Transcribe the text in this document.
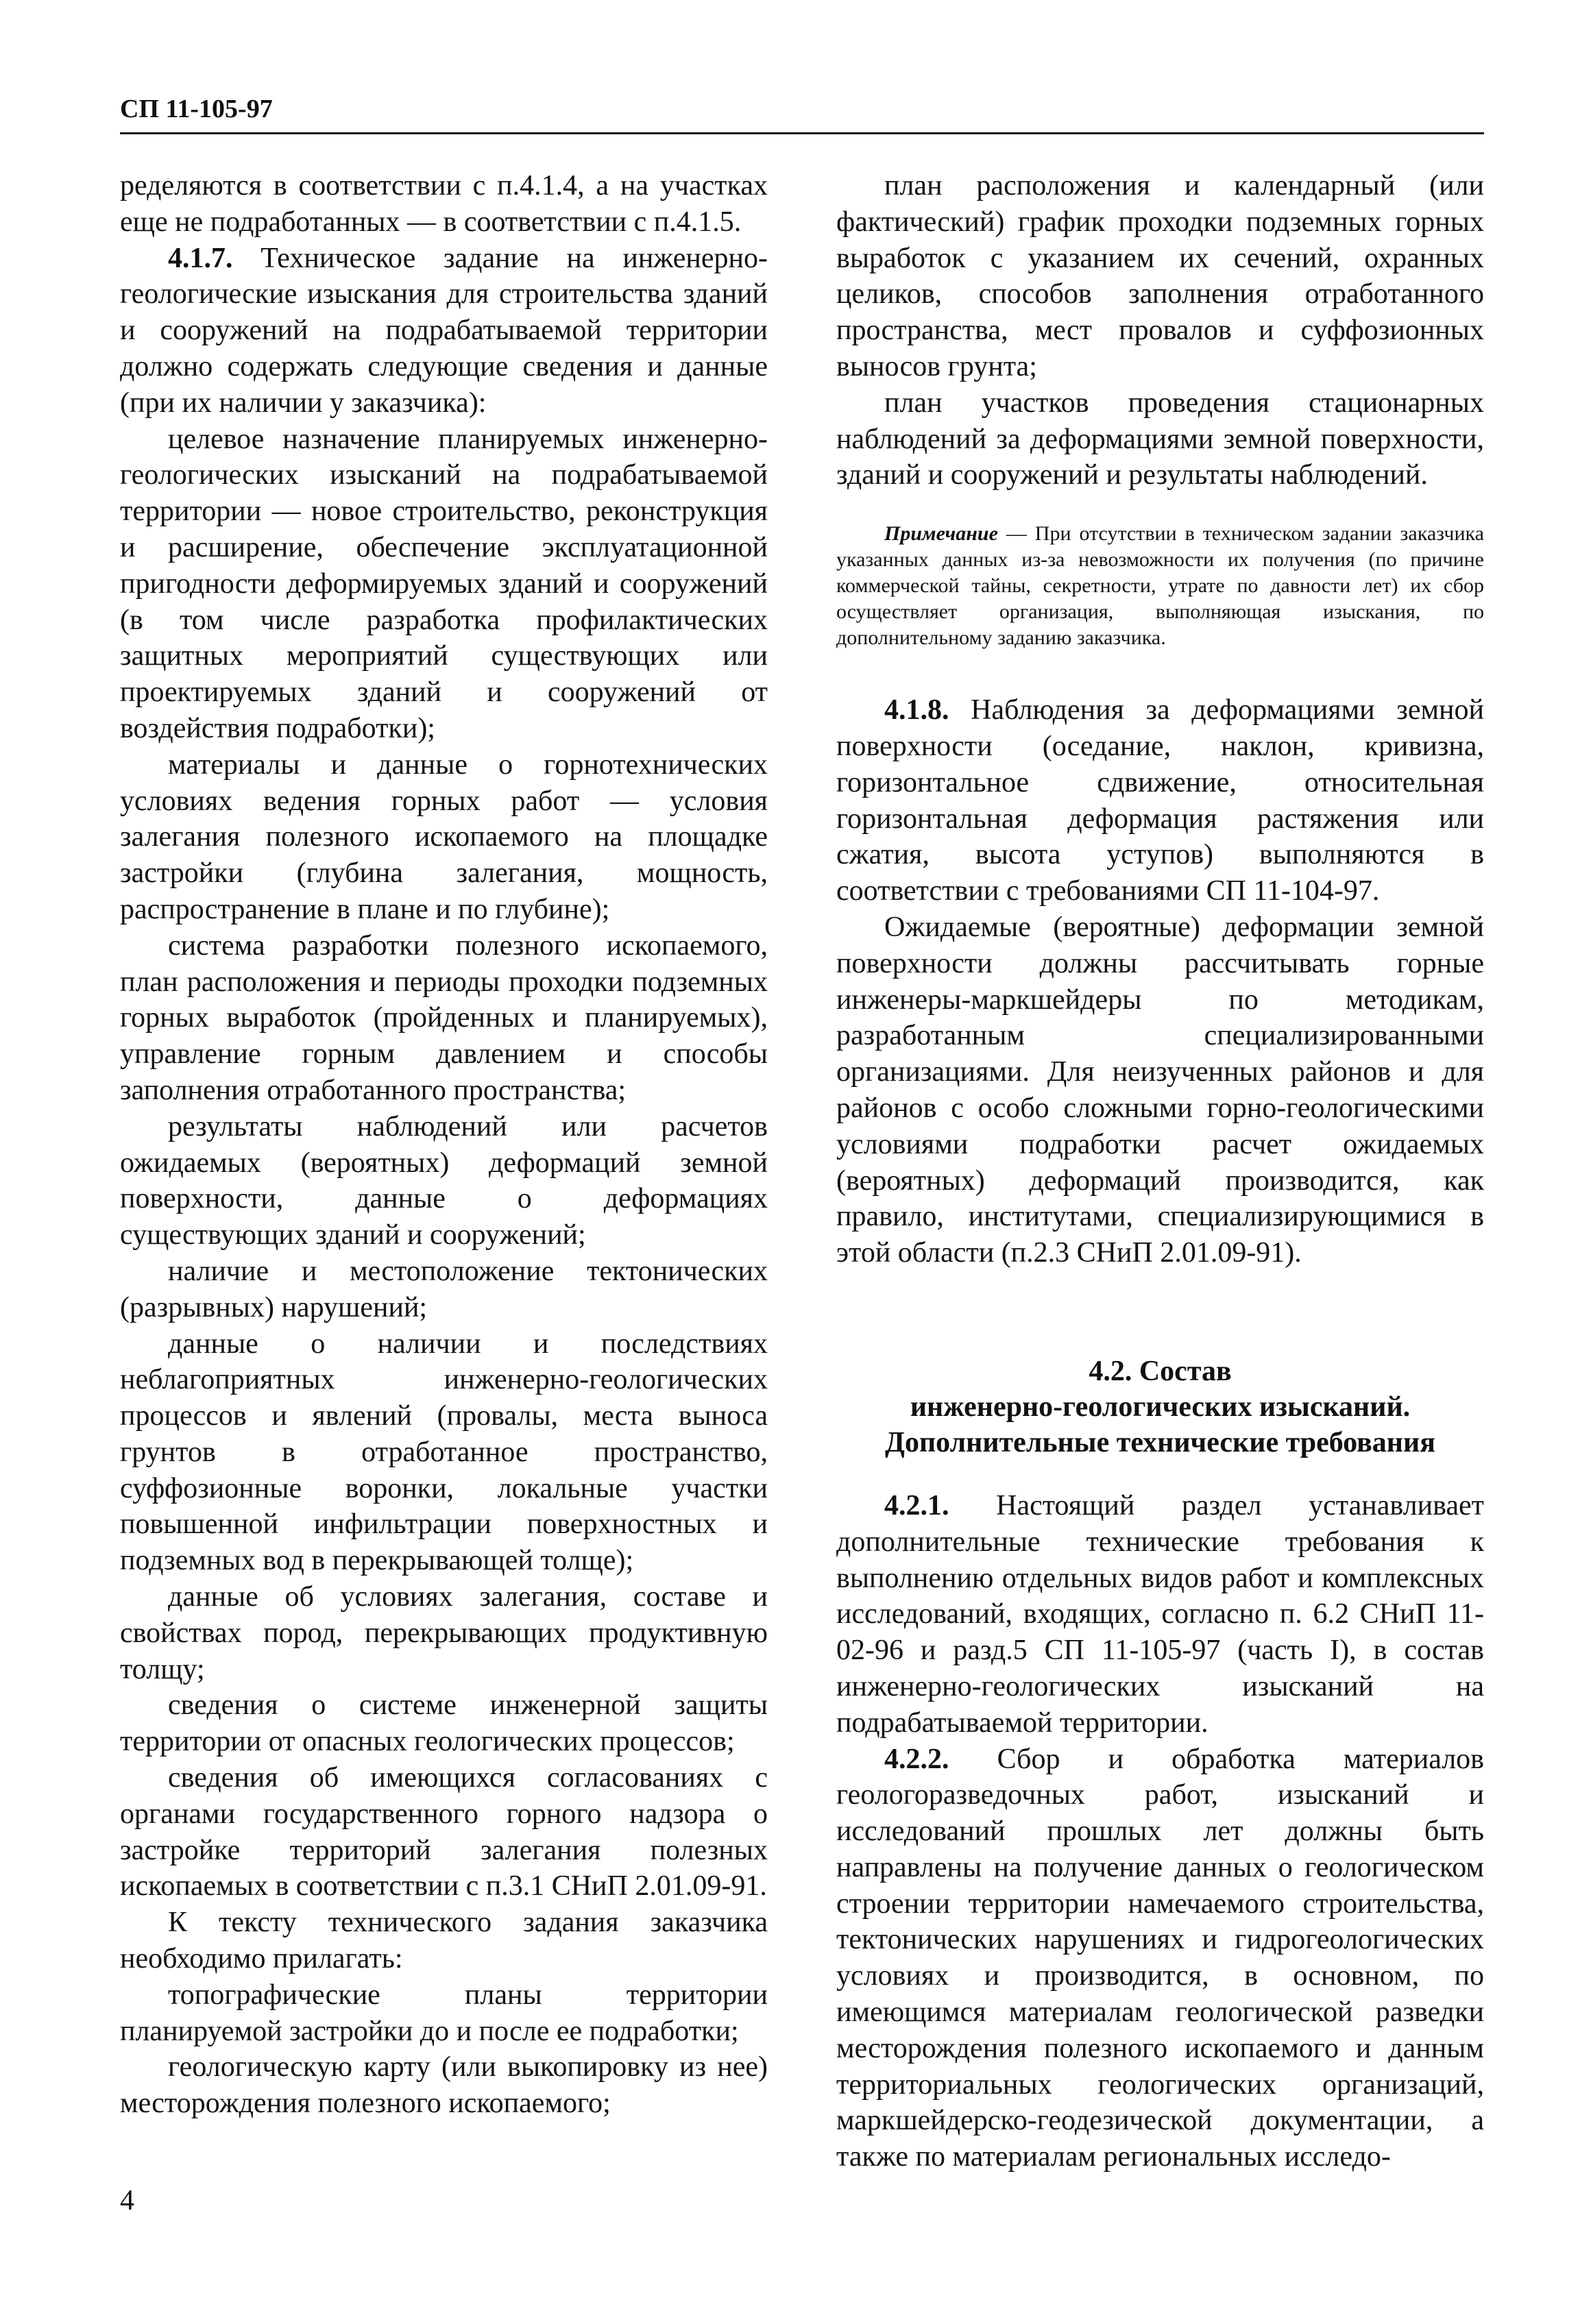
СП 11-105-97

ределяются в соответствии с п.4.1.4, а на участках еще не подработанных — в соответствии с п.4.1.5.

4.1.7. Техническое задание на инженерно-геологические изыскания для строительства зданий и сооружений на подрабатываемой территории должно содержать следующие сведения и данные (при их наличии у заказчика):

целевое назначение планируемых инженерно-геологических изысканий на подрабатываемой территории — новое строительство, реконструкция и расширение, обеспечение эксплуатационной пригодности деформируемых зданий и сооружений (в том числе разработка профилактических защитных мероприятий существующих или проектируемых зданий и сооружений от воздействия подработки);

материалы и данные о горнотехнических условиях ведения горных работ — условия залегания полезного ископаемого на площадке застройки (глубина залегания, мощность, распространение в плане и по глубине);

система разработки полезного ископаемого, план расположения и периоды проходки подземных горных выработок (пройденных и планируемых), управление горным давлением и способы заполнения отработанного пространства;

результаты наблюдений или расчетов ожидаемых (вероятных) деформаций земной поверхности, данные о деформациях существующих зданий и сооружений;

наличие и местоположение тектонических (разрывных) нарушений;

данные о наличии и последствиях неблагоприятных инженерно-геологических процессов и явлений (провалы, места выноса грунтов в отработанное пространство, суффозионные воронки, локальные участки повышенной инфильтрации поверхностных и подземных вод в перекрывающей толще);

данные об условиях залегания, составе и свойствах пород, перекрывающих продуктивную толщу;

сведения о системе инженерной защиты территории от опасных геологических процессов;

сведения об имеющихся согласованиях с органами государственного горного надзора о застройке территорий залегания полезных ископаемых в соответствии с п.3.1 СНиП 2.01.09-91.

К тексту технического задания заказчика необходимо прилагать:

топографические планы территории планируемой застройки до и после ее подработки;

геологическую карту (или выкопировку из нее) месторождения полезного ископаемого;

план расположения и календарный (или фактический) график проходки подземных горных выработок с указанием их сечений, охранных целиков, способов заполнения отработанного пространства, мест провалов и суффозионных выносов грунта;

план участков проведения стационарных наблюдений за деформациями земной поверхности, зданий и сооружений и результаты наблюдений.

Примечание — При отсутствии в техническом задании заказчика указанных данных из-за невозможности их получения (по причине коммерческой тайны, секретности, утрате по давности лет) их сбор осуществляет организация, выполняющая изыскания, по дополнительному заданию заказчика.

4.1.8. Наблюдения за деформациями земной поверхности (оседание, наклон, кривизна, горизонтальное сдвижение, относительная горизонтальная деформация растяжения или сжатия, высота уступов) выполняются в соответствии с требованиями СП 11-104-97.

Ожидаемые (вероятные) деформации земной поверхности должны рассчитывать горные инженеры-маркшейдеры по методикам, разработанным специализированными организациями. Для неизученных районов и для районов с особо сложными горно-геологическими условиями подработки расчет ожидаемых (вероятных) деформаций производится, как правило, институтами, специализирующимися в этой области (п.2.3 СНиП 2.01.09-91).

4.2. Состав
инженерно-геологических изысканий.
Дополнительные технические требования

4.2.1. Настоящий раздел устанавливает дополнительные технические требования к выполнению отдельных видов работ и комплексных исследований, входящих, согласно п. 6.2 СНиП 11-02-96 и разд.5 СП 11-105-97 (часть I), в состав инженерно-геологических изысканий на подрабатываемой территории.

4.2.2. Сбор и обработка материалов геологоразведочных работ, изысканий и исследований прошлых лет должны быть направлены на получение данных о геологическом строении территории намечаемого строительства, тектонических нарушениях и гидрогеологических условиях и производится, в основном, по имеющимся материалам геологической разведки месторождения полезного ископаемого и данным территориальных геологических организаций, маркшейдерско-геодезической документации, а также по материалам региональных исследо-

4
